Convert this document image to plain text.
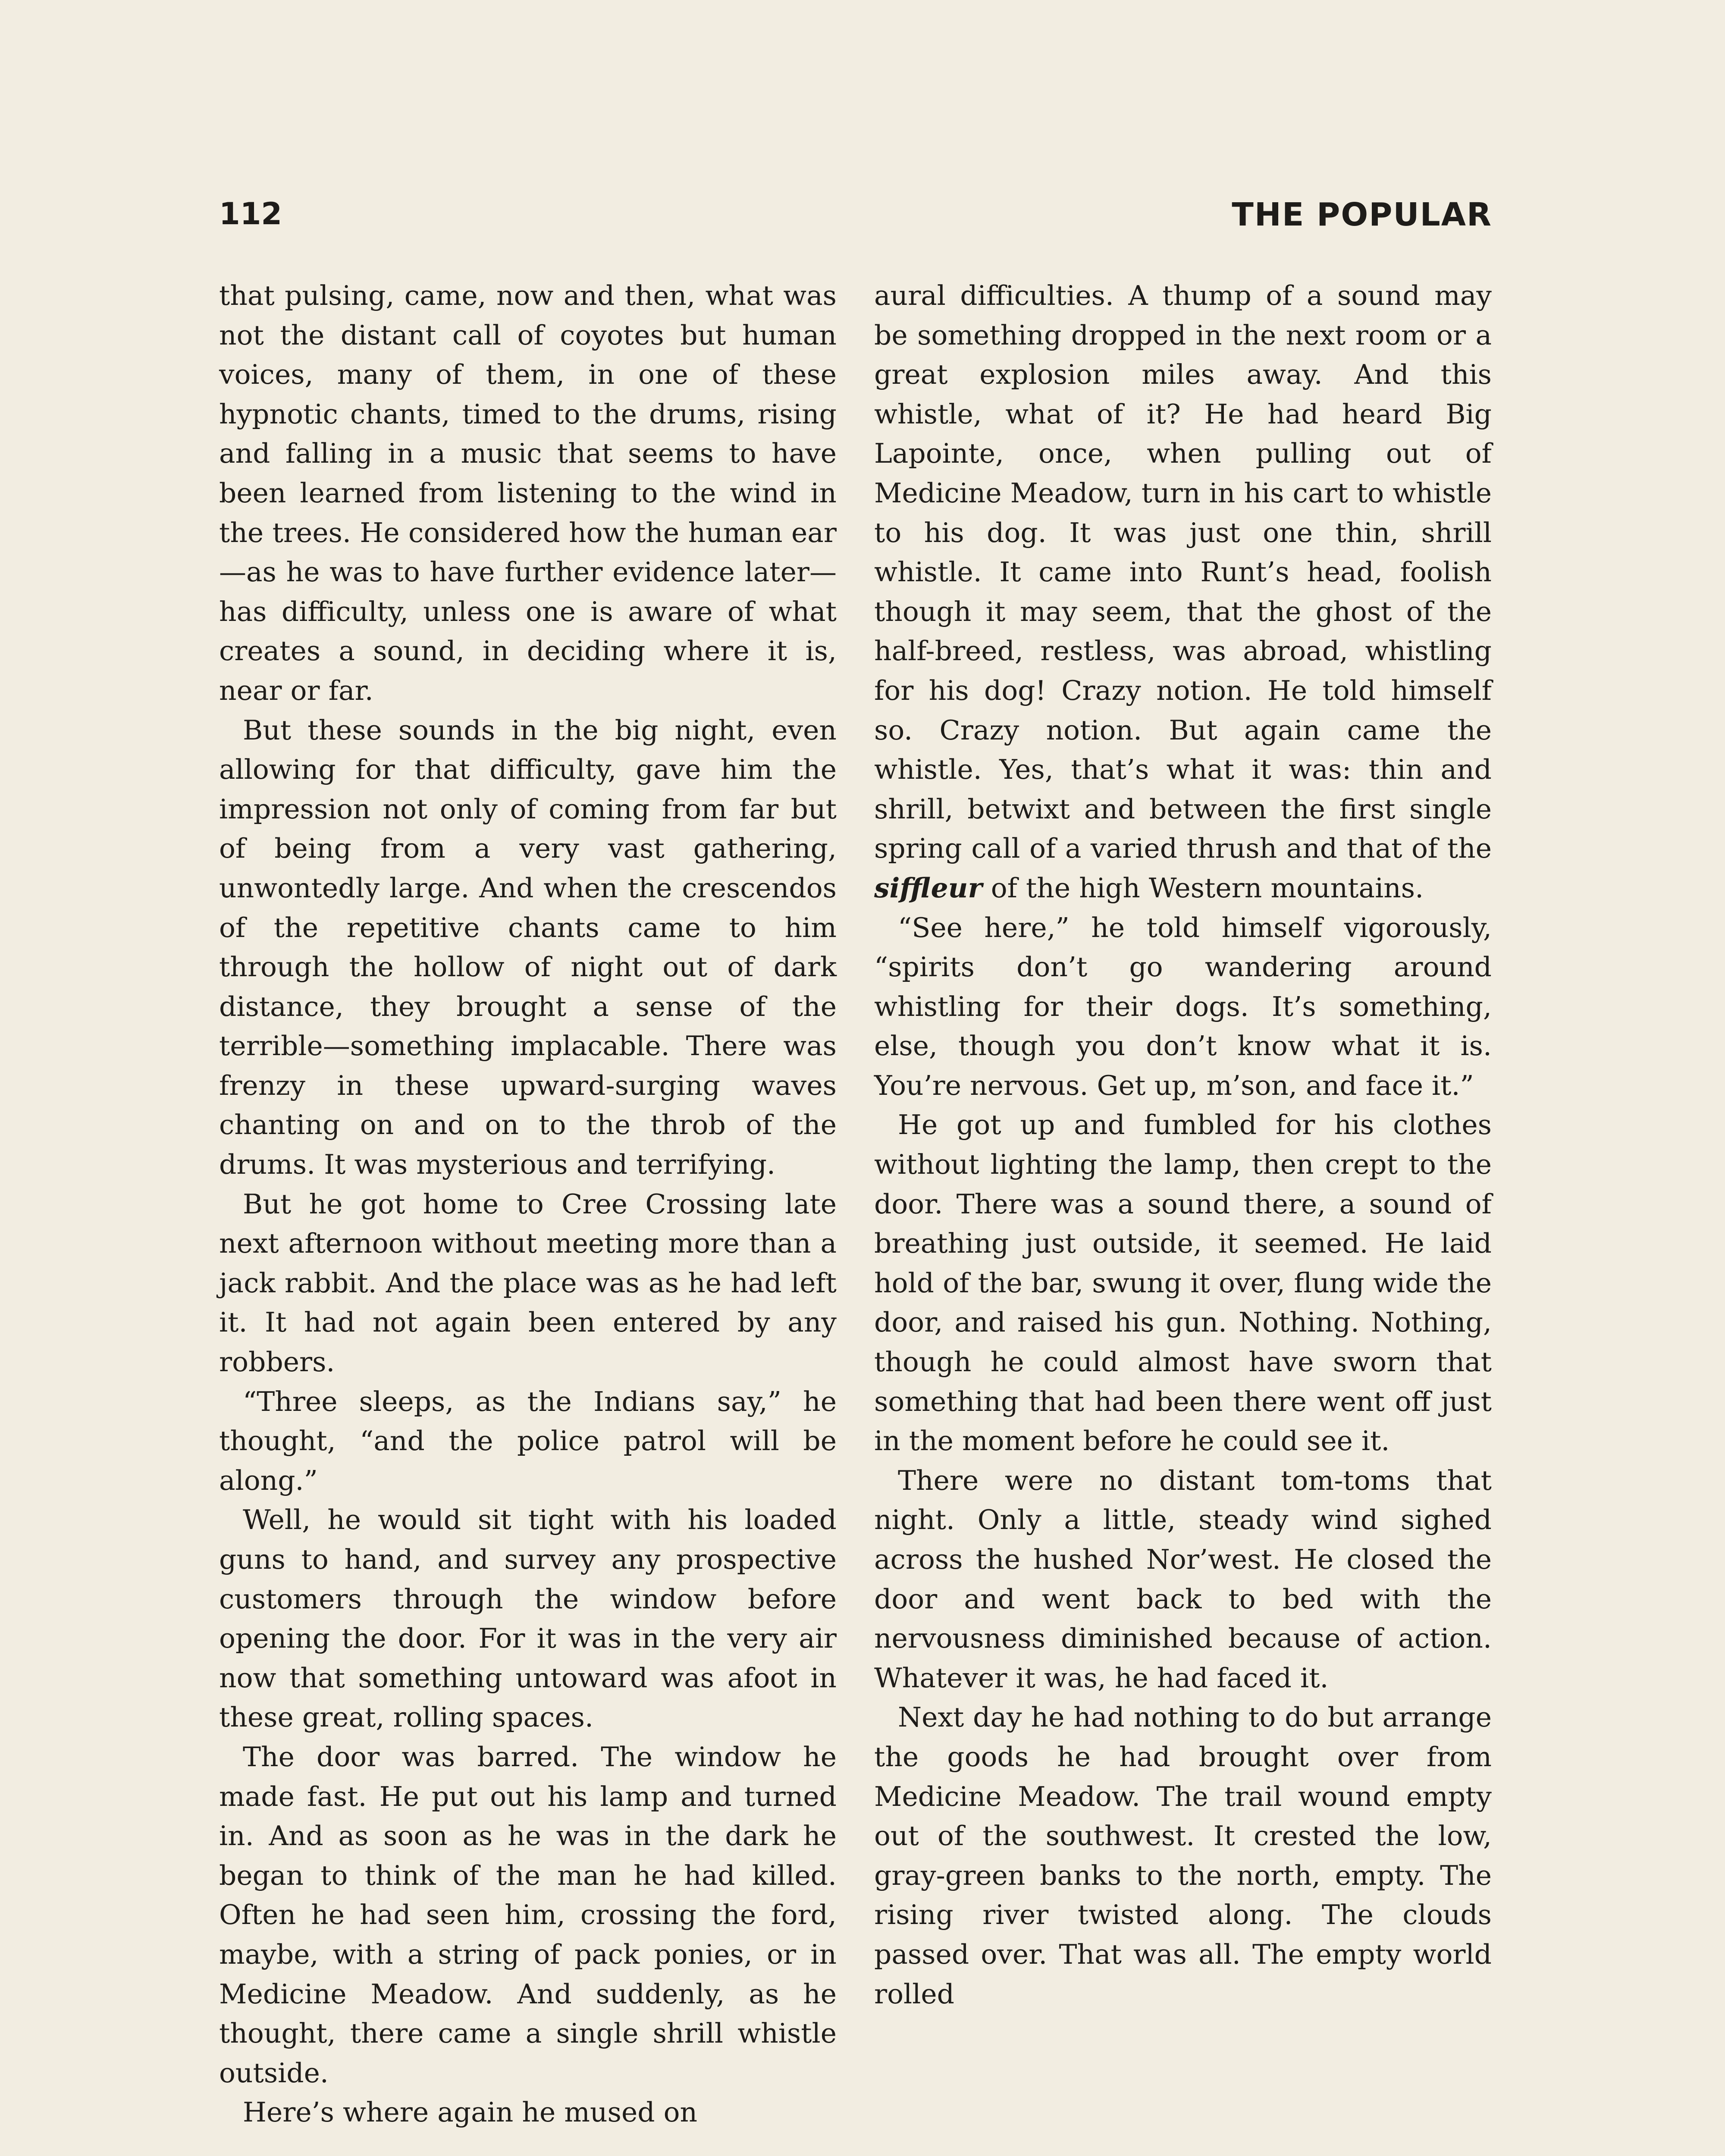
112	THE POPULAR

that pulsing, came, now and then, what was not the distant call of coyotes but human voices, many of them, in one of these hypnotic chants, timed to the drums, rising and falling in a music that seems to have been learned from listening to the wind in the trees. He considered how the human ear—as he was to have further evidence later—has difficulty, unless one is aware of what creates a sound, in deciding where it is, near or far.

But these sounds in the big night, even allowing for that difficulty, gave him the impression not only of coming from far but of being from a very vast gathering, unwontedly large. And when the crescendos of the repetitive chants came to him through the hollow of night out of dark distance, they brought a sense of the terrible—something implacable. There was frenzy in these upward-surging waves chanting on and on to the throb of the drums. It was mysterious and terrifying.

But he got home to Cree Crossing late next afternoon without meeting more than a jack rabbit. And the place was as he had left it. It had not again been entered by any robbers.

“Three sleeps, as the Indians say,” he thought, “and the police patrol will be along.”

Well, he would sit tight with his loaded guns to hand, and survey any prospective customers through the window before opening the door. For it was in the very air now that something untoward was afoot in these great, rolling spaces.

The door was barred. The window he made fast. He put out his lamp and turned in. And as soon as he was in the dark he began to think of the man he had killed. Often he had seen him, crossing the ford, maybe, with a string of pack ponies, or in Medicine Meadow. And suddenly, as he thought, there came a single shrill whistle outside.

Here’s where again he mused on

aural difficulties. A thump of a sound may be something dropped in the next room or a great explosion miles away. And this whistle, what of it? He had heard Big Lapointe, once, when pulling out of Medicine Meadow, turn in his cart to whistle to his dog. It was just one thin, shrill whistle. It came into Runt’s head, foolish though it may seem, that the ghost of the half-breed, restless, was abroad, whistling for his dog! Crazy notion. He told himself so. Crazy notion. But again came the whistle. Yes, that’s what it was: thin and shrill, betwixt and between the first single spring call of a varied thrush and that of the siffleur of the high Western mountains.

“See here,” he told himself vigorously, “spirits don’t go wandering around whistling for their dogs. It’s something, else, though you don’t know what it is. You’re nervous. Get up, m’son, and face it.”

He got up and fumbled for his clothes without lighting the lamp, then crept to the door. There was a sound there, a sound of breathing just outside, it seemed. He laid hold of the bar, swung it over, flung wide the door, and raised his gun. Nothing. Nothing, though he could almost have sworn that something that had been there went off just in the moment before he could see it.

There were no distant tom-toms that night. Only a little, steady wind sighed across the hushed Nor’west. He closed the door and went back to bed with the nervousness diminished because of action. Whatever it was, he had faced it.

Next day he had nothing to do but arrange the goods he had brought over from Medicine Meadow. The trail wound empty out of the southwest. It crested the low, gray-green banks to the north, empty. The rising river twisted along. The clouds passed over. That was all. The empty world rolled
